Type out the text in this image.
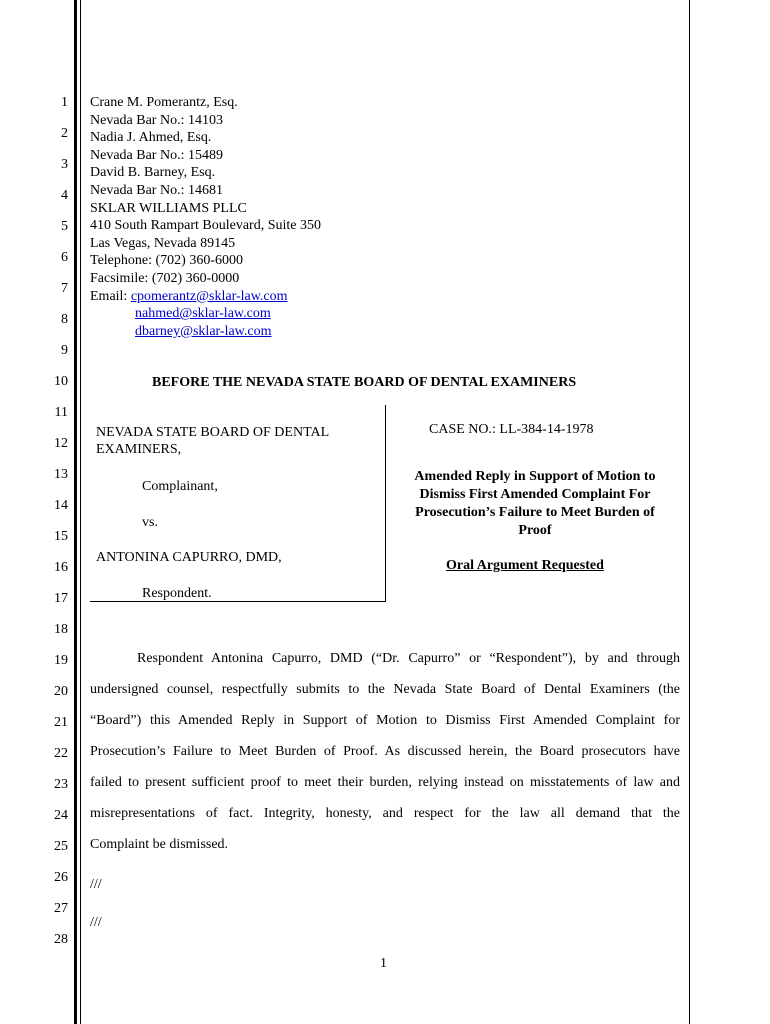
1
2
3
4
5
6
7
8
9
10
11
12
13
14
15
16
17
18
19
20
21
22
23
24
25
26
27
28
Crane M. Pomerantz, Esq.
Nevada Bar No.: 14103
Nadia J. Ahmed, Esq.
Nevada Bar No.: 15489
David B. Barney, Esq.
Nevada Bar No.: 14681
SKLAR WILLIAMS PLLC
410 South Rampart Boulevard, Suite 350
Las Vegas, Nevada 89145
Telephone: (702) 360-6000
Facsimile: (702) 360-0000
Email: cpomerantz@sklar-law.com
nahmed@sklar-law.com
dbarney@sklar-law.com
BEFORE THE NEVADA STATE BOARD OF DENTAL EXAMINERS
NEVADA STATE BOARD OF DENTAL
EXAMINERS,
Complainant,
vs.
ANTONINA CAPURRO, DMD,
Respondent.
CASE NO.: LL-384-14-1978
Amended Reply in Support of Motion to
Dismiss First Amended Complaint For
Prosecution’s Failure to Meet Burden of
Proof
Oral Argument Requested
Respondent Antonina Capurro, DMD (“Dr. Capurro” or “Respondent”), by and through
undersigned counsel, respectfully submits to the Nevada State Board of Dental Examiners (the
“Board”) this Amended Reply in Support of Motion to Dismiss First Amended Complaint for
Prosecution’s Failure to Meet Burden of Proof. As discussed herein, the Board prosecutors have
failed to present sufficient proof to meet their burden, relying instead on misstatements of law and
misrepresentations of fact. Integrity, honesty, and respect for the law all demand that the
Complaint be dismissed.
///
///
1
